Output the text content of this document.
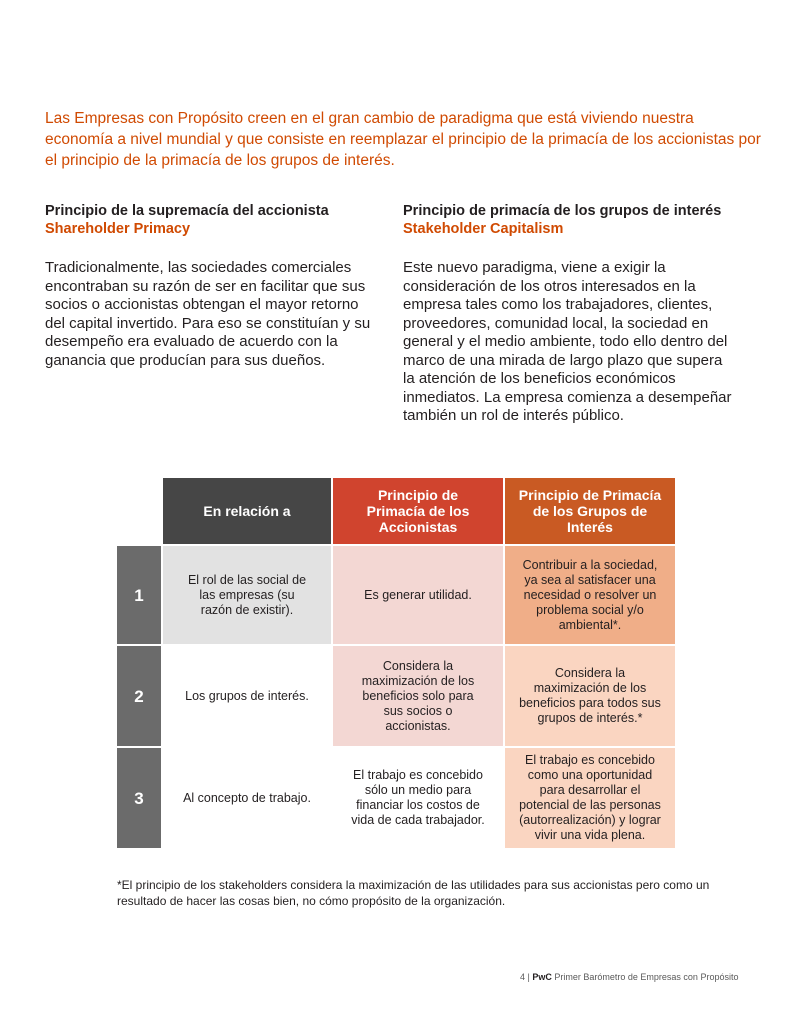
Las Empresas con Propósito creen en el gran cambio de paradigma que está viviendo nuestra economía a nivel mundial y que consiste en reemplazar el principio de la primacía de los accionistas por el principio de la primacía de los grupos de interés.
Principio de la supremacía del accionista
Shareholder Primacy
Tradicionalmente, las sociedades comerciales encontraban su razón de ser en facilitar que sus socios o accionistas obtengan el mayor retorno del capital invertido. Para eso se constituían y su desempeño era evaluado de acuerdo con la ganancia que producían para sus dueños.
Principio de primacía de los grupos de interés
Stakeholder Capitalism
Este nuevo paradigma, viene a exigir la consideración de los otros interesados en la empresa tales como los trabajadores, clientes, proveedores, comunidad local, la sociedad en general y el medio ambiente, todo ello dentro del marco de una mirada de largo plazo que supera la atención de los beneficios económicos inmediatos. La empresa comienza a desempeñar también un rol de interés público.
En relación a
Principio de Primacía de los Accionistas
Principio de Primacía de los Grupos de Interés
1
El rol de las social de las empresas (su razón de existir).
Es generar utilidad.
Contribuir a la sociedad, ya sea al satisfacer una necesidad o resolver un problema social y/o ambiental*.
2	Los grupos de interés.
Considera la maximización de los beneficios solo para sus socios o accionistas.
Considera la maximización de los beneficios para todos sus grupos de interés.*
3	Al concepto de trabajo.
El trabajo es concebido sólo un medio para financiar los costos de vida de cada trabajador.
El trabajo es concebido como una oportunidad para desarrollar el potencial de las personas (autorrealización) y lograr vivir una vida plena.
*El principio de los stakeholders considera la maximización de las utilidades para sus accionistas pero como un resultado de hacer las cosas bien, no cómo propósito de la organización.
4 | PwC Primer Barómetro de Empresas con Propósito
